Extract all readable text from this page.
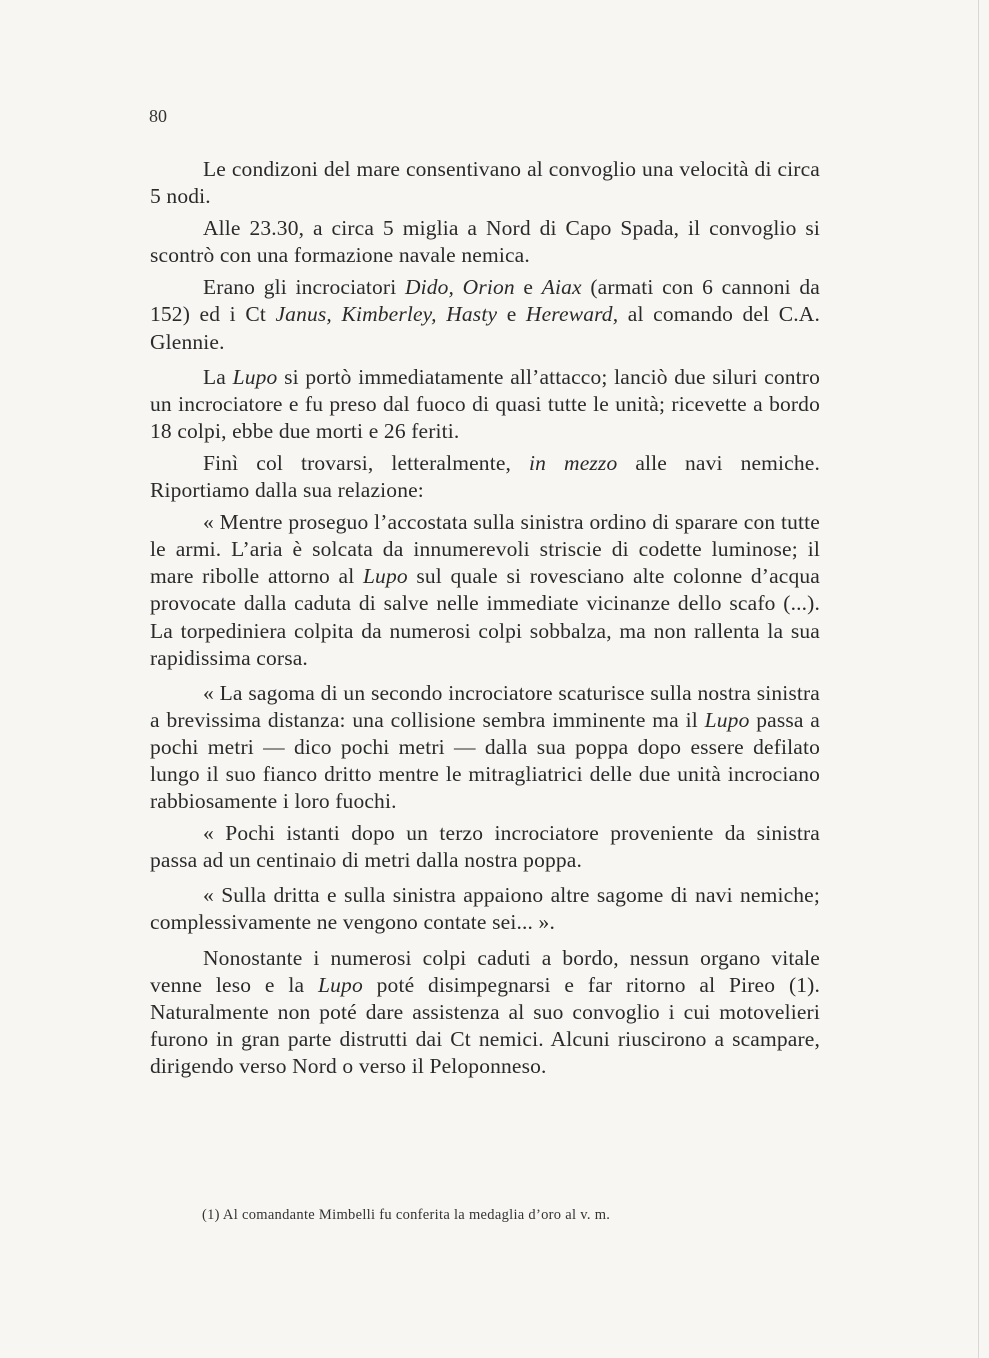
80

Le condizoni del mare consentivano al convoglio una velocità di circa 5 nodi.

Alle 23.30, a circa 5 miglia a Nord di Capo Spada, il convoglio si scontrò con una formazione navale nemica.

Erano gli incrociatori Dido, Orion e Aiax (armati con 6 cannoni da 152) ed i Ct Janus, Kimberley, Hasty e Hereward, al comando del C.A. Glennie.

La Lupo si portò immediatamente all’attacco; lanciò due siluri contro un incrociatore e fu preso dal fuoco di quasi tutte le unità; ricevette a bordo 18 colpi, ebbe due morti e 26 feriti.

Finì col trovarsi, letteralmente, in mezzo alle navi nemiche. Riportiamo dalla sua relazione:

« Mentre proseguo l’accostata sulla sinistra ordino di sparare con tutte le armi. L’aria è solcata da innumerevoli striscie di codette luminose; il mare ribolle attorno al Lupo sul quale si rovesciano alte colonne d’acqua provocate dalla caduta di salve nelle immediate vicinanze dello scafo (...). La torpediniera colpita da numerosi colpi sobbalza, ma non rallenta la sua rapidissima corsa.

« La sagoma di un secondo incrociatore scaturisce sulla nostra sinistra a brevissima distanza: una collisione sembra imminente ma il Lupo passa a pochi metri — dico pochi metri — dalla sua poppa dopo essere defilato lungo il suo fianco dritto mentre le mitragliatrici delle due unità incrociano rabbiosamente i loro fuochi.

« Pochi istanti dopo un terzo incrociatore proveniente da sinistra passa ad un centinaio di metri dalla nostra poppa.

« Sulla dritta e sulla sinistra appaiono altre sagome di navi nemiche; complessivamente ne vengono contate sei... ».

Nonostante i numerosi colpi caduti a bordo, nessun organo vitale venne leso e la Lupo poté disimpegnarsi e far ritorno al Pireo (1). Naturalmente non poté dare assistenza al suo convoglio i cui motovelieri furono in gran parte distrutti dai Ct nemici. Alcuni riuscirono a scampare, dirigendo verso Nord o verso il Peloponneso.

(1) Al comandante Mimbelli fu conferita la medaglia d’oro al v. m.
